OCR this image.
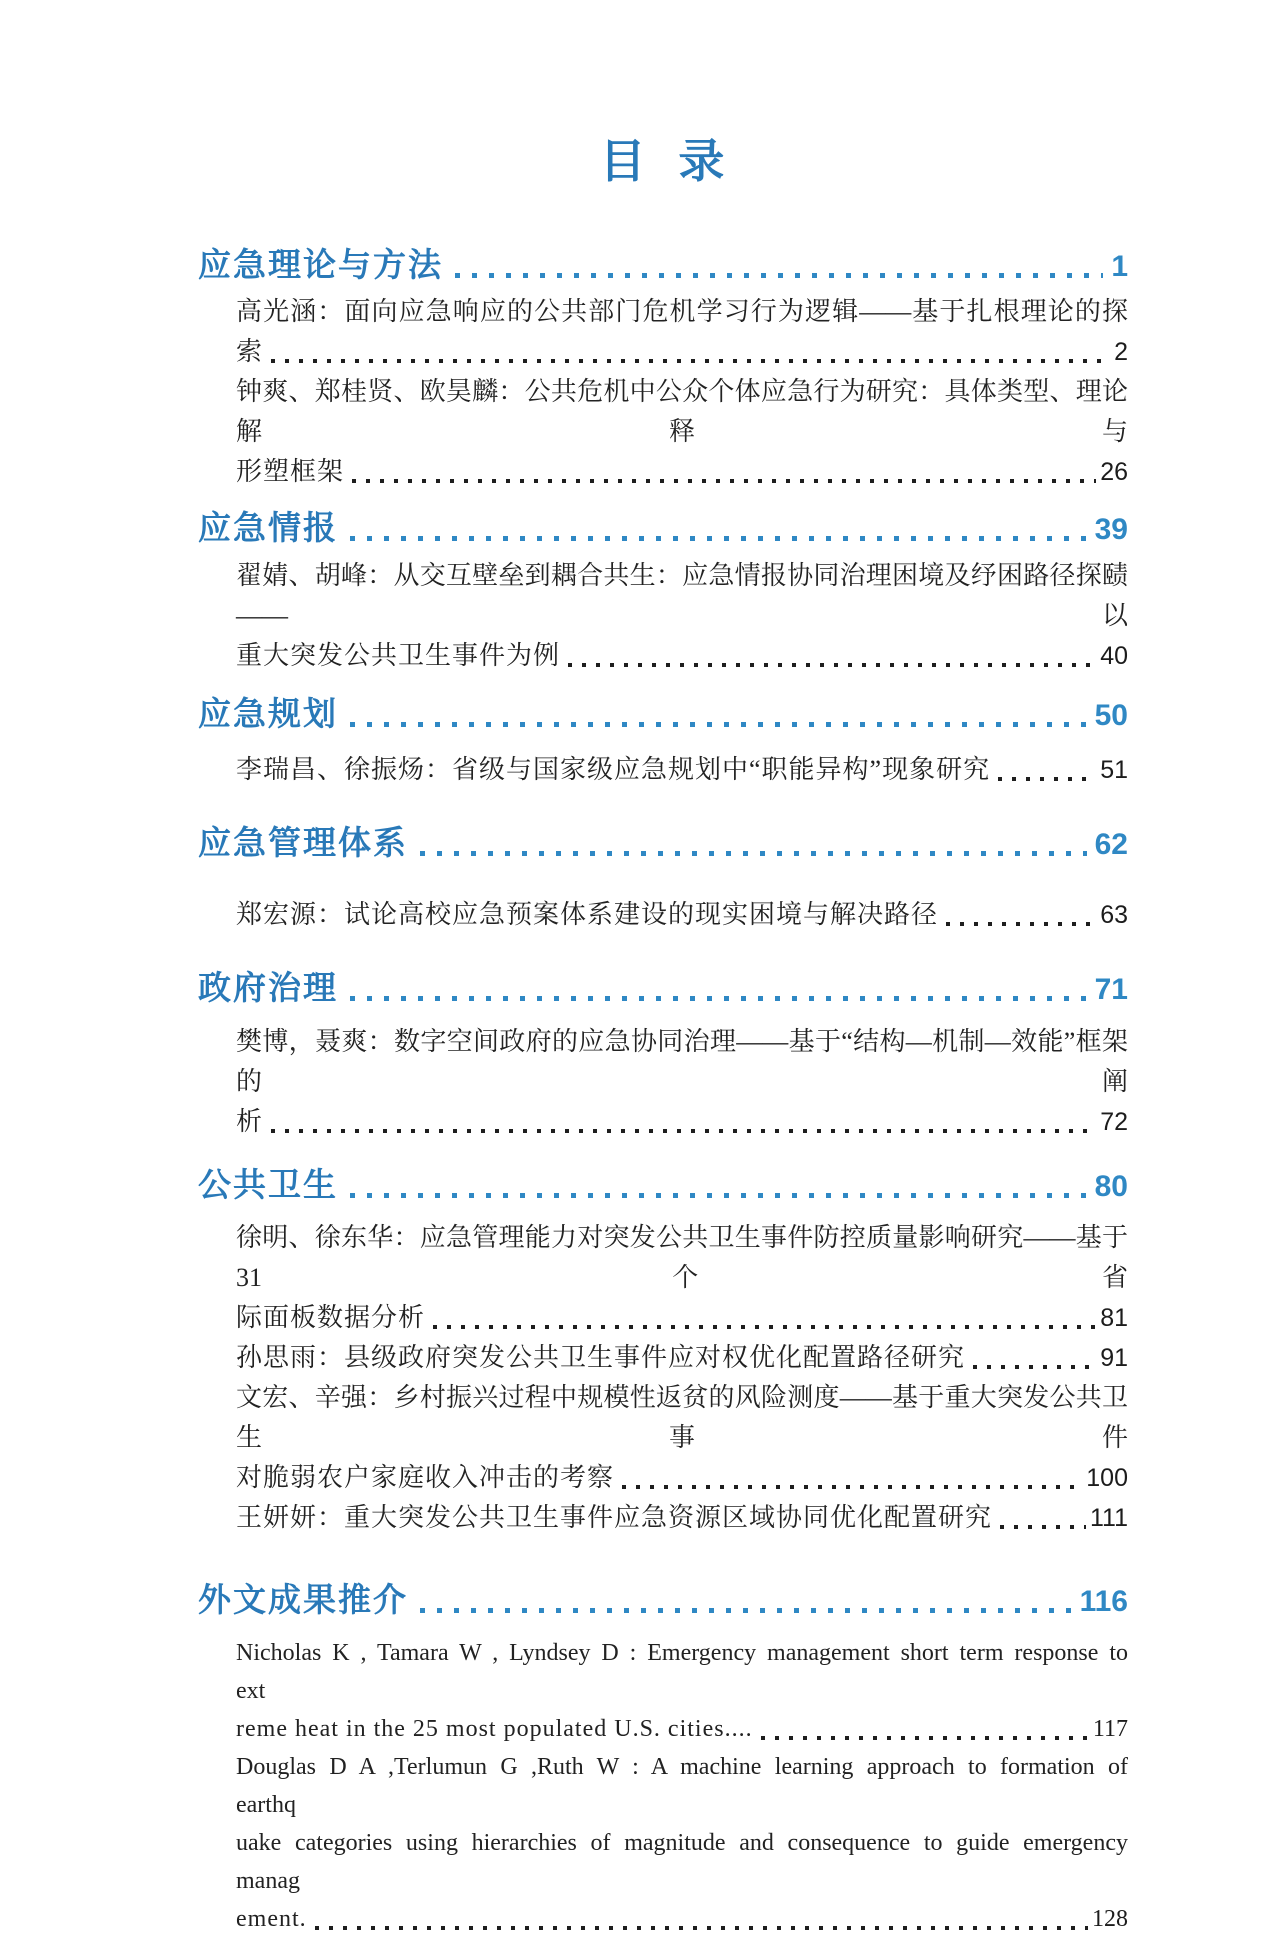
目 录
应急理论与方法	1
高光涵：面向应急响应的公共部门危机学习行为逻辑——基于扎根理论的探
索	2
钟爽、郑桂贤、欧昊麟：公共危机中公众个体应急行为研究：具体类型、理论解释与
形塑框架	26
应急情报	39
翟婧、胡峰：从交互壁垒到耦合共生：应急情报协同治理困境及纾困路径探赜——以
重大突发公共卫生事件为例	40
应急规划	50
李瑞昌、徐振炀：省级与国家级应急规划中“职能异构”现象研究	51
应急管理体系	62
郑宏源：试论高校应急预案体系建设的现实困境与解决路径	63
政府治理	71
樊博，聂爽：数字空间政府的应急协同治理——基于“结构—机制—效能”框架的阐
析	72
公共卫生	80
徐明、徐东华：应急管理能力对突发公共卫生事件防控质量影响研究——基于31 个省
际面板数据分析	81
孙思雨：县级政府突发公共卫生事件应对权优化配置路径研究	91
文宏、辛强：乡村振兴过程中规模性返贫的风险测度——基于重大突发公共卫生事件
对脆弱农户家庭收入冲击的考察	100
王妍妍：重大突发公共卫生事件应急资源区域协同优化配置研究	111
外文成果推介	116
Nicholas K , Tamara W , Lyndsey D : Emergency management short term response to ext
reme heat in the 25 most populated U.S. cities....	117
Douglas D A ,Terlumun G ,Ruth W : A machine learning approach to formation of earthq
uake categories using hierarchies of magnitude and consequence to guide emergency manag
ement.	128
